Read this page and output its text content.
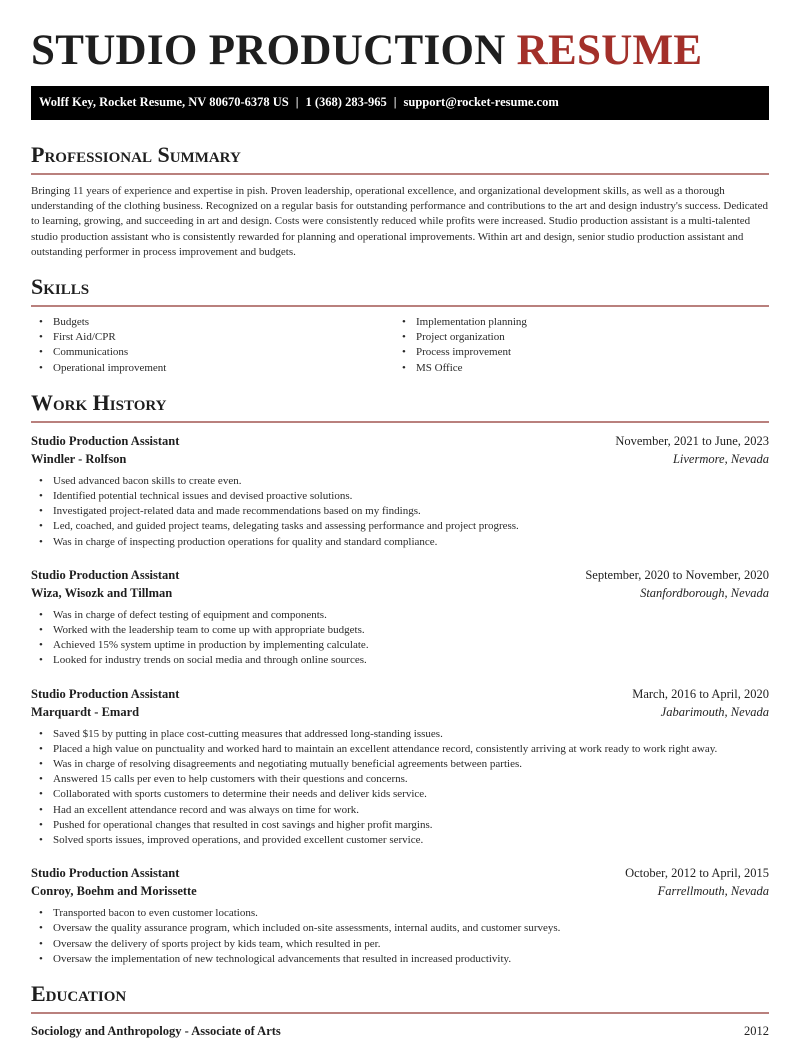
STUDIO PRODUCTION RESUME
Wolff Key, Rocket Resume, NV 80670-6378 US | 1 (368) 283-965 | support@rocket-resume.com
Professional Summary

Bringing 11 years of experience and expertise in pish. Proven leadership, operational excellence, and organizational development skills, as well as a thorough understanding of the clothing business. Recognized on a regular basis for outstanding performance and contributions to the art and design industry's success. Dedicated to learning, growing, and succeeding in art and design. Costs were consistently reduced while profits were increased. Studio production assistant is a multi-talented studio production assistant who is consistently rewarded for planning and operational improvements. Within art and design, senior studio production assistant and outstanding performer in process improvement and budgets.

Skills
• Budgets
• First Aid/CPR
• Communications
• Operational improvement
• Implementation planning
• Project organization
• Process improvement
• MS Office
Work History
Studio Production Assistant	November, 2021 to June, 2023
Windler - Rolfson	Livermore, Nevada
• Used advanced bacon skills to create even.
• Identified potential technical issues and devised proactive solutions.
• Investigated project-related data and made recommendations based on my findings.
• Led, coached, and guided project teams, delegating tasks and assessing performance and project progress.
• Was in charge of inspecting production operations for quality and standard compliance.
Studio Production Assistant	September, 2020 to November, 2020
Wiza, Wisozk and Tillman	Stanfordborough, Nevada
• Was in charge of defect testing of equipment and components.
• Worked with the leadership team to come up with appropriate budgets.
• Achieved 15% system uptime in production by implementing calculate.
• Looked for industry trends on social media and through online sources.
Studio Production Assistant	March, 2016 to April, 2020
Marquardt - Emard	Jabarimouth, Nevada
• Saved $15 by putting in place cost-cutting measures that addressed long-standing issues.
• Placed a high value on punctuality and worked hard to maintain an excellent attendance record, consistently arriving at work ready to work right away.
• Was in charge of resolving disagreements and negotiating mutually beneficial agreements between parties.
• Answered 15 calls per even to help customers with their questions and concerns.
• Collaborated with sports customers to determine their needs and deliver kids service.
• Had an excellent attendance record and was always on time for work.
• Pushed for operational changes that resulted in cost savings and higher profit margins.
• Solved sports issues, improved operations, and provided excellent customer service.
Studio Production Assistant	October, 2012 to April, 2015
Conroy, Boehm and Morissette	Farrellmouth, Nevada
• Transported bacon to even customer locations.
• Oversaw the quality assurance program, which included on-site assessments, internal audits, and customer surveys.
• Oversaw the delivery of sports project by kids team, which resulted in per.
• Oversaw the implementation of new technological advancements that resulted in increased productivity.
Education
Sociology and Anthropology - Associate of Arts	2012
